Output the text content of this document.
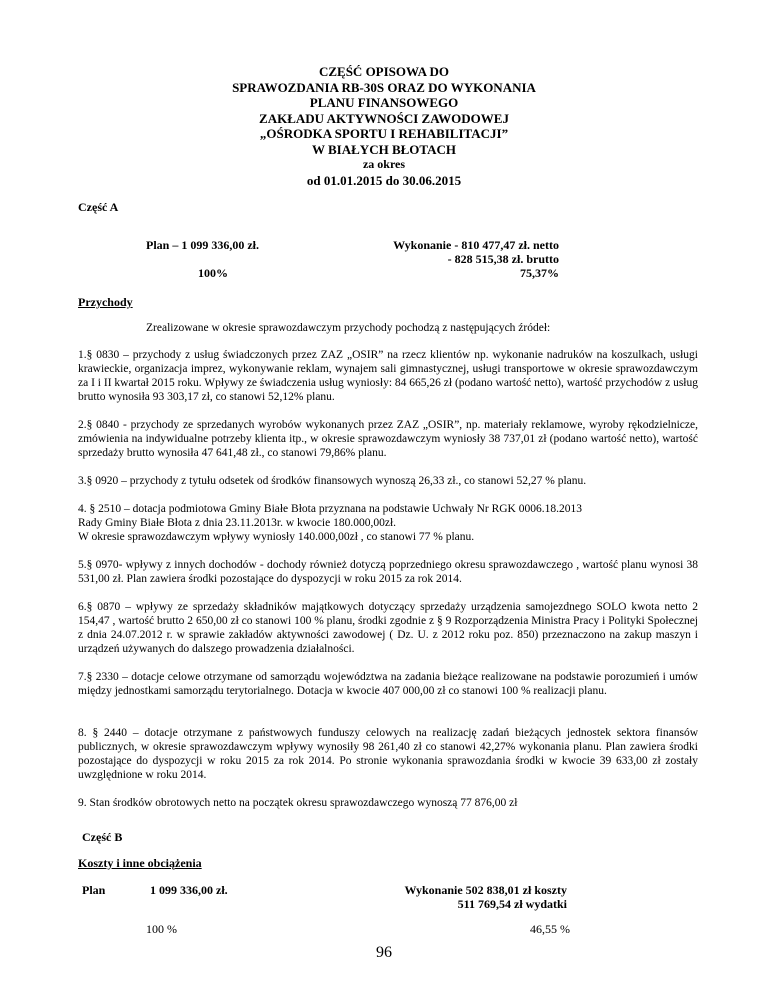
CZĘŚĆ OPISOWA DO
SPRAWOZDANIA RB-30S ORAZ DO WYKONANIA
PLANU FINANSOWEGO
ZAKŁADU AKTYWNOŚCI ZAWODOWEJ
„OŚRODKA SPORTU I REHABILITACJI”
W BIAŁYCH BŁOTACH
za okres
od 01.01.2015 do 30.06.2015
Część A
Plan – 1 099 336,00 zł.	Wykonanie - 810 477,47 zł. netto
- 828 515,38 zł. brutto
100%	75,37%
Przychody
Zrealizowane w okresie sprawozdawczym przychody pochodzą z następujących źródeł:

1.§ 0830 – przychody z usług świadczonych przez ZAZ „OSIR” na rzecz klientów np. wykonanie nadruków na koszulkach, usługi krawieckie, organizacja imprez, wykonywanie reklam, wynajem sali gimnastycznej, usługi transportowe w okresie sprawozdawczym za I i II kwartał 2015 roku. Wpływy ze świadczenia usług wyniosły: 84 665,26 zł (podano wartość netto), wartość przychodów z usług brutto wynosiła 93 303,17 zł, co stanowi 52,12% planu.

2.§ 0840 - przychody ze sprzedanych wyrobów wykonanych przez ZAZ „OSIR”, np. materiały reklamowe, wyroby rękodzielnicze, zmówienia na indywidualne potrzeby klienta itp., w okresie sprawozdawczym wyniosły 38 737,01 zł (podano wartość netto), wartość sprzedaży brutto wynosiła 47 641,48 zł., co stanowi 79,86% planu.

3.§ 0920 – przychody z tytułu odsetek od środków finansowych wynoszą 26,33 zł., co stanowi 52,27 % planu.

4. § 2510 – dotacja podmiotowa Gminy Białe Błota przyznana na podstawie Uchwały Nr RGK 0006.18.2013

Rady Gminy Białe Błota z dnia 23.11.2013r. w kwocie 180.000,00zł.

W okresie sprawozdawczym wpływy wyniosły 140.000,00zł , co stanowi 77 % planu.

5.§ 0970- wpływy z innych dochodów - dochody również dotyczą poprzedniego okresu sprawozdawczego , wartość planu wynosi 38 531,00 zł. Plan zawiera środki pozostające do dyspozycji w roku 2015 za rok 2014.

6.§ 0870 – wpływy ze sprzedaży składników majątkowych dotyczący sprzedaży urządzenia samojezdnego SOLO kwota netto 2 154,47 , wartość brutto 2 650,00 zł co stanowi 100 % planu, środki zgodnie z § 9 Rozporządzenia Ministra Pracy i Polityki Społecznej z dnia 24.07.2012 r. w sprawie zakładów aktywności zawodowej ( Dz. U. z 2012 roku poz. 850) przeznaczono na zakup maszyn i urządzeń używanych do dalszego prowadzenia działalności.

7.§ 2330 – dotacje celowe otrzymane od samorządu województwa na zadania bieżące realizowane na podstawie porozumień i umów między jednostkami samorządu terytorialnego. Dotacja w kwocie 407 000,00 zł co stanowi 100 % realizacji planu.

8. § 2440 – dotacje otrzymane z państwowych funduszy celowych na realizację zadań bieżących jednostek sektora finansów publicznych, w okresie sprawozdawczym wpływy wynosiły 98 261,40 zł co stanowi 42,27% wykonania planu. Plan zawiera środki pozostające do dyspozycji w roku 2015 za rok 2014. Po stronie wykonania sprawozdania środki w kwocie 39 633,00 zł zostały uwzględnione w roku 2014.

9. Stan środków obrotowych netto na początek okresu sprawozdawczego wynoszą 77 876,00 zł

Część B
Koszty i inne obciążenia
Plan	1 099 336,00 zł.	Wykonanie 502 838,01 zł koszty
511 769,54 zł wydatki
100 %	46,55 %
96
